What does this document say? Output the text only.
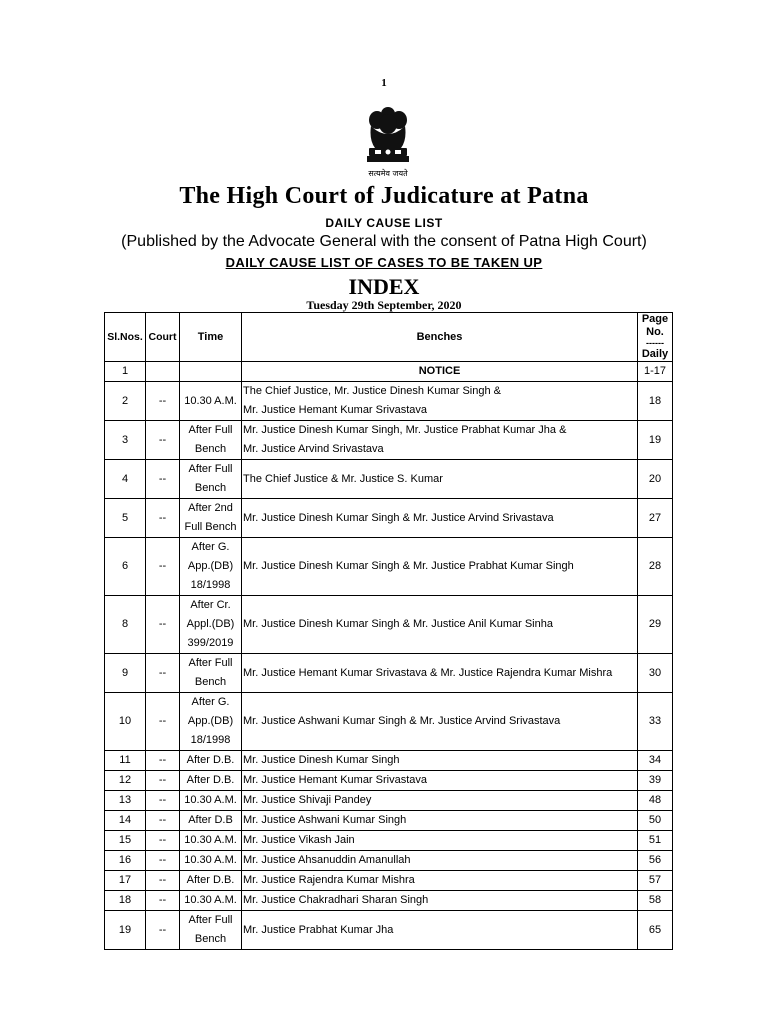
1
सत्यमेव जयते
The High Court of Judicature at Patna
DAILY CAUSE LIST
(Published by the Advocate General with the consent of Patna High Court)
DAILY CAUSE LIST OF CASES TO BE TAKEN UP
INDEX
Tuesday 29th September, 2020
Sl.Nos.	Court	Time	Benches	Page
No.
------
Daily

1			NOTICE	1-17
2	--	10.30 A.M.	The Chief Justice, Mr. Justice Dinesh Kumar Singh &
Mr. Justice Hemant Kumar Srivastava	18
3	--	After Full Bench	Mr. Justice Dinesh Kumar Singh, Mr. Justice Prabhat Kumar Jha &
Mr. Justice Arvind Srivastava	19
4	--	After Full Bench	The Chief Justice & Mr. Justice S. Kumar	20
5	--	After 2nd Full Bench	Mr. Justice Dinesh Kumar Singh & Mr. Justice Arvind Srivastava	27
6	--	After G. App.(DB) 18/1998	Mr. Justice Dinesh Kumar Singh & Mr. Justice Prabhat Kumar Singh	28
8	--	After Cr. Appl.(DB) 399/2019	Mr. Justice Dinesh Kumar Singh & Mr. Justice Anil Kumar Sinha	29
9	--	After Full Bench	Mr. Justice Hemant Kumar Srivastava & Mr. Justice Rajendra Kumar Mishra	30
10	--	After G. App.(DB) 18/1998	Mr. Justice Ashwani Kumar Singh & Mr. Justice Arvind Srivastava	33
11	--	After D.B.	Mr. Justice Dinesh Kumar Singh	34
12	--	After D.B.	Mr. Justice Hemant Kumar Srivastava	39
13	--	10.30 A.M.	Mr. Justice Shivaji Pandey	48
14	--	After D.B	Mr. Justice Ashwani Kumar Singh	50
15	--	10.30 A.M.	Mr. Justice Vikash Jain	51
16	--	10.30 A.M.	Mr. Justice Ahsanuddin Amanullah	56
17	--	After D.B.	Mr. Justice Rajendra Kumar Mishra	57
18	--	10.30 A.M.	Mr. Justice Chakradhari Sharan Singh	58
19	--	After Full Bench	Mr. Justice Prabhat Kumar Jha	65
